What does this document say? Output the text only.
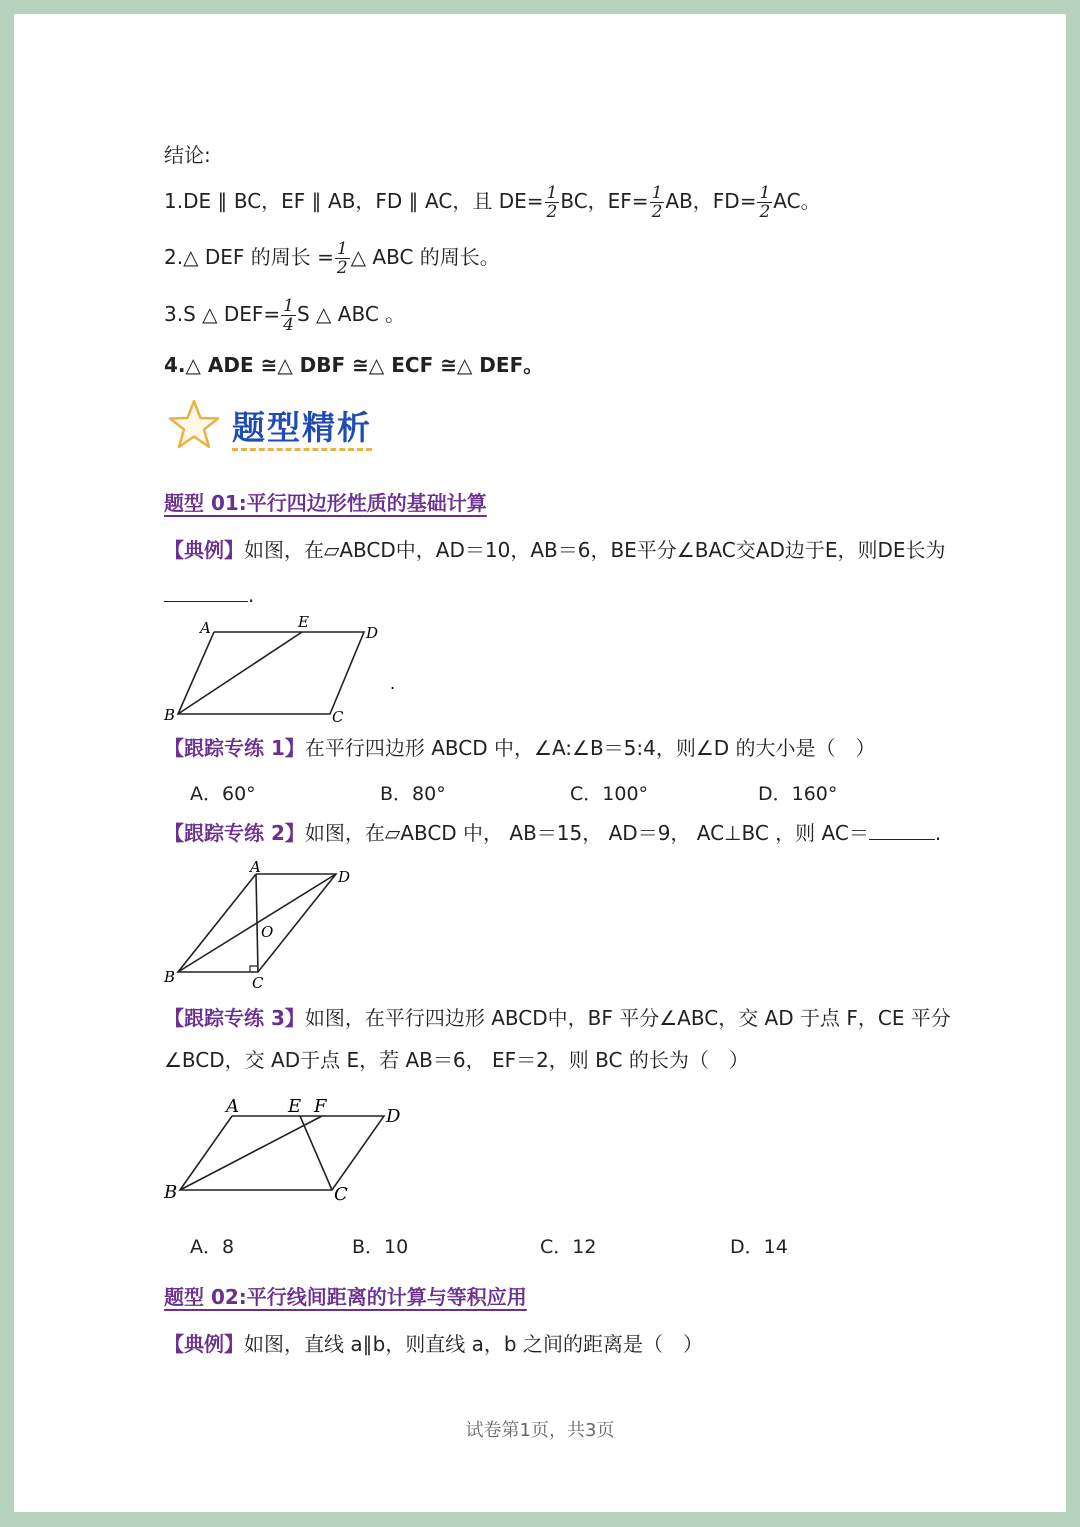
结论:
1.DE ∥ BC，EF ∥ AB，FD ∥ AC，且 $DE= \frac{1}{2}$ BC，$EF= \frac{1}{2}$ AB，$FD= \frac{1}{2}$ AC。
2.△ DEF 的周长 = $\frac{1}{2}$ △ ABC 的周长。
3.S △ $DEF= \frac{1}{4}$ S △ ABC 。
4.△ ADE ≅△ DBF ≅△ ECF ≅△ DEF。
题型精析
题型 01:平行四边形性质的基础计算
【典例】如图，在▱ABCD中，AD＝10，AB＝6，BE平分∠BAC交AD边于E，则DE长为
.
A	E
D
B	C
.
【跟踪专练 1】在平行四边形 ABCD 中，∠A:∠B＝5:4，则∠D 的大小是（　）
A．60°	B．80°	C．100°	D．160°
【跟踪专练 2】如图，在▱ABCD 中， AB＝15， AD＝9， AC⊥BC ，则 AC＝	.
A
D
O
B	C
【跟踪专练 3】如图，在平行四边形 ABCD中，BF 平分∠ABC，交 AD 于点 F，CE 平分
∠BCD，交 AD于点 E，若 AB＝6， EF＝2，则 BC 的长为（　）
A	E F	D
B	C
A．8	B．10	C．12	D．14
题型 02:平行线间距离的计算与等积应用
【典例】如图，直线 a∥b，则直线 a，b 之间的距离是（　）
试卷第1页，共3页
